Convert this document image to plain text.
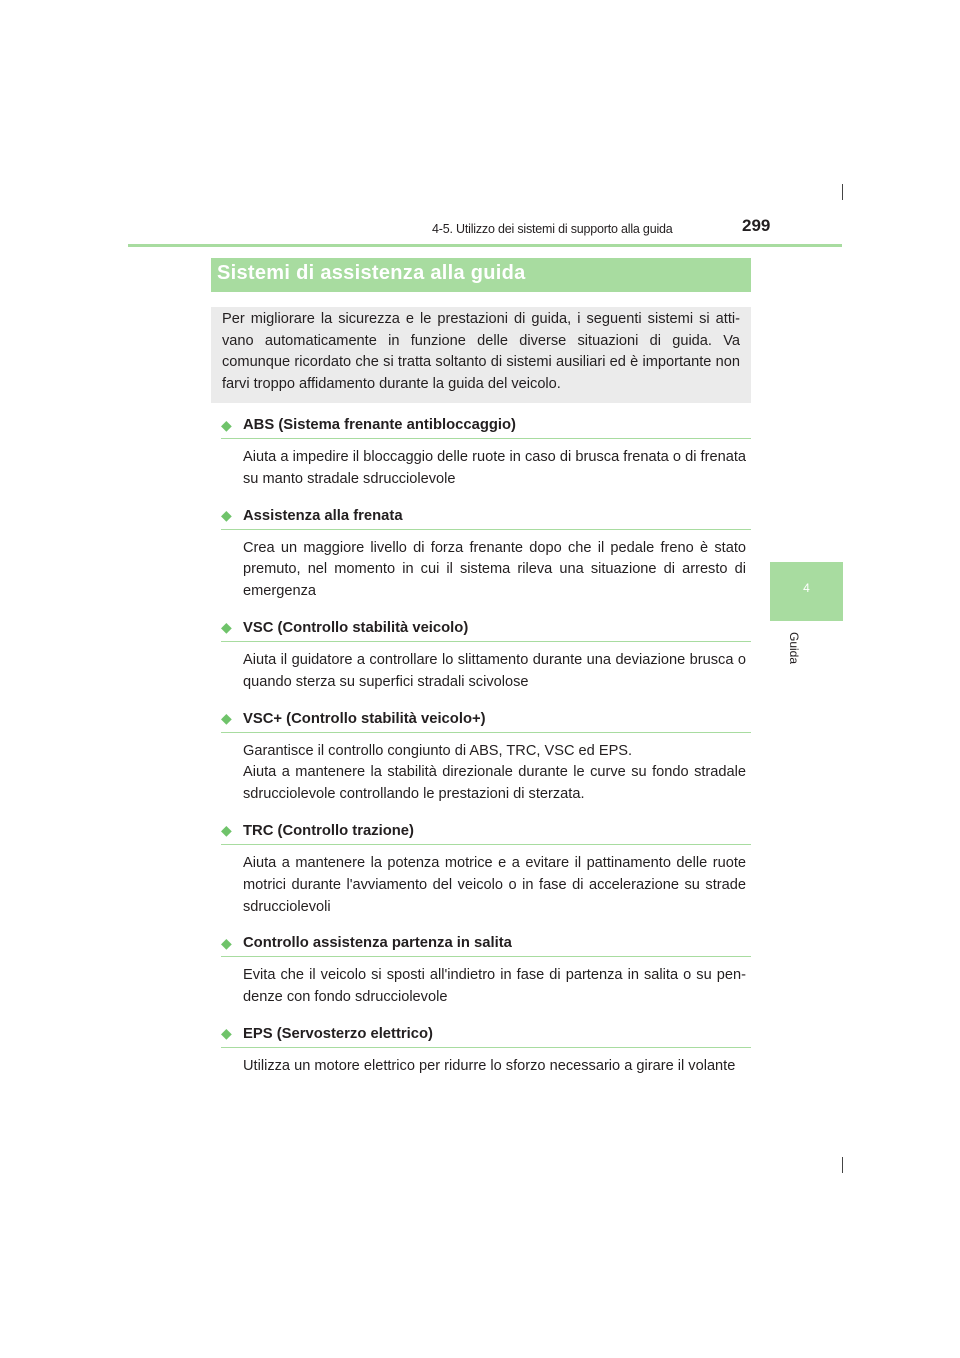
4-5. Utilizzo dei sistemi di supporto alla guida	299
4
Guida
Sistemi di assistenza alla guida
Per migliorare la sicurezza e le prestazioni di guida, i seguenti sistemi si atti-vano automaticamente in funzione delle diverse situazioni di guida. Va comunque ricordato che si tratta soltanto di sistemi ausiliari ed è importante non farvi troppo affidamento durante la guida del veicolo.
◆ ABS (Sistema frenante antibloccaggio)

Aiuta a impedire il bloccaggio delle ruote in caso di brusca frenata o di frenata su manto stradale sdrucciolevole

◆ Assistenza alla frenata

Crea un maggiore livello di forza frenante dopo che il pedale freno è stato premuto, nel momento in cui il sistema rileva una situazione di arresto di emergenza

◆ VSC (Controllo stabilità veicolo)

Aiuta il guidatore a controllare lo slittamento durante una deviazione brusca o quando sterza su superfici stradali scivolose

◆ VSC+ (Controllo stabilità veicolo+)

Garantisce il controllo congiunto di ABS, TRC, VSC ed EPS.

Aiuta a mantenere la stabilità direzionale durante le curve su fondo stradale sdrucciolevole controllando le prestazioni di sterzata.

◆ TRC (Controllo trazione)

Aiuta a mantenere la potenza motrice e a evitare il pattinamento delle ruote motrici durante l'avviamento del veicolo o in fase di accelerazione su strade sdrucciolevoli

◆ Controllo assistenza partenza in salita

Evita che il veicolo si sposti all'indietro in fase di partenza in salita o su pen-denze con fondo sdrucciolevole

◆ EPS (Servosterzo elettrico)

Utilizza un motore elettrico per ridurre lo sforzo necessario a girare il volante
